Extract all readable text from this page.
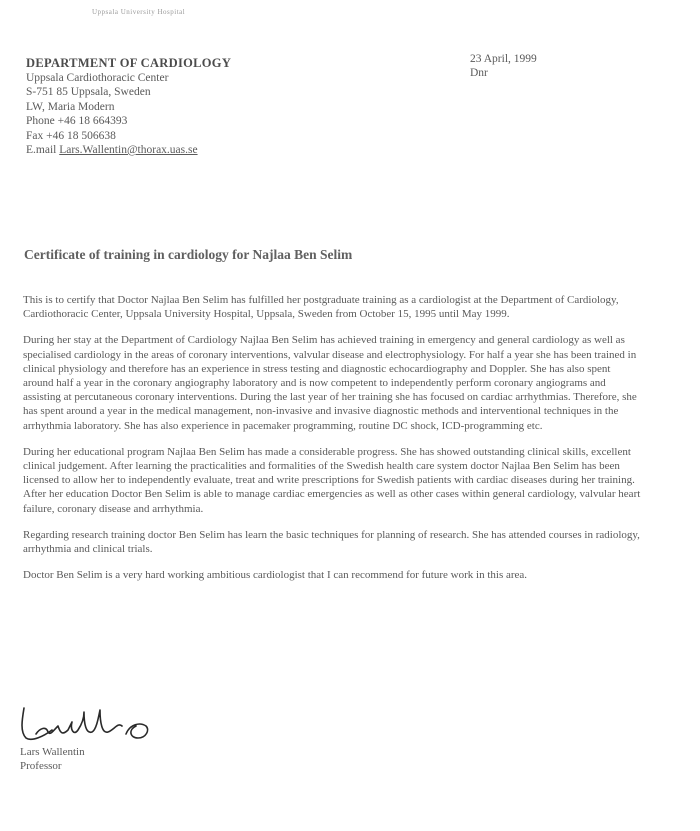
Uppsala University Hospital
DEPARTMENT OF CARDIOLOGY
Uppsala Cardiothoracic Center
S-751 85 Uppsala, Sweden
LW, Maria Modern
Phone +46 18 664393
Fax +46 18 506638
E.mail Lars.Wallentin@thorax.uas.se
23 April, 1999
Dnr
Certificate of training in cardiology for Najlaa Ben Selim

This is to certify that Doctor Najlaa Ben Selim has fulfilled her postgraduate training as a cardiologist at the Department of Cardiology, Cardiothoracic Center, Uppsala University Hospital, Uppsala, Sweden from October 15, 1995 until May 1999.

During her stay at the Department of Cardiology Najlaa Ben Selim has achieved training in emergency and general cardiology as well as specialised cardiology in the areas of coronary interventions, valvular disease and electrophysiology. For half a year she has been trained in clinical physiology and therefore has an experience in stress testing and diagnostic echocardiography and Doppler. She has also spent around half a year in the coronary angiography laboratory and is now competent to independently perform coronary angiograms and assisting at percutaneous coronary interventions. During the last year of her training she has focused on cardiac arrhythmias. Therefore, she has spent around a year in the medical management, non-invasive and invasive diagnostic methods and interventional techniques in the arrhythmia laboratory. She has also experience in pacemaker programming, routine DC shock, ICD-programming etc.

During her educational program Najlaa Ben Selim has made a considerable progress. She has showed outstanding clinical skills, excellent clinical judgement. After learning the practicalities and formalities of the Swedish health care system doctor Najlaa Ben Selim has been licensed to allow her to independently evaluate, treat and write prescriptions for Swedish patients with cardiac diseases during her training. After her education Doctor Ben Selim is able to manage cardiac emergencies as well as other cases within general cardiology, valvular heart failure, coronary disease and arrhythmia.

Regarding research training doctor Ben Selim has learn the basic techniques for planning of research. She has attended courses in radiology, arrhythmia and clinical trials.

Doctor Ben Selim is a very hard working ambitious cardiologist that I can recommend for future work in this area.

Lars Wallentin
Professor
